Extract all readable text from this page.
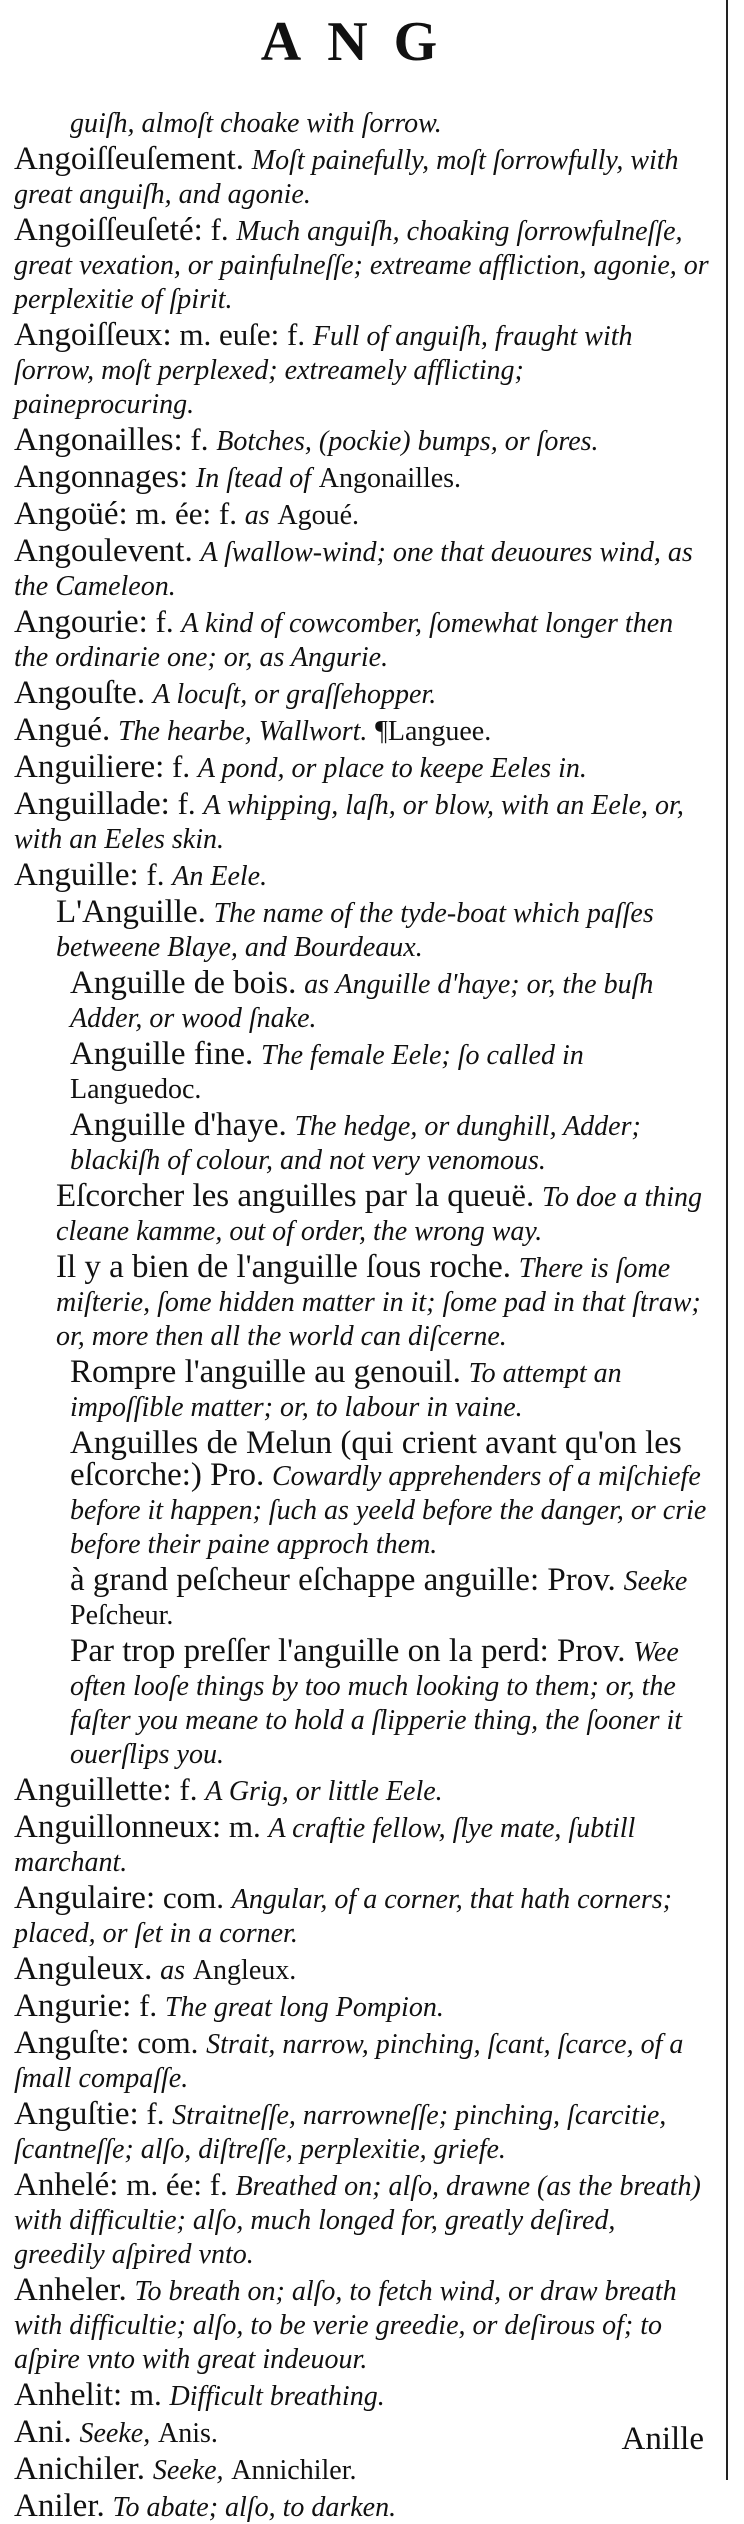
ANG
guiſh, almoſt choake with ſorrow.
Angoiſſeuſement. Moſt painefully, moſt ſorrowfully, with great anguiſh, and agonie.
Angoiſſeuſeté: f. Much anguiſh, choaking ſorrowfulneſſe, great vexation, or painfulneſſe; extreame affliction, agonie, or perplexitie of ſpirit.
Angoiſſeux: m. euſe: f. Full of anguiſh, fraught with ſorrow, moſt perplexed; extreamely afflicting; paineprocuring.
Angonailles: f. Botches, (pockie) bumps, or ſores.
Angonnages: In ſtead of Angonailles.
Angoüé: m. ée: f. as Agoué.
Angoulevent. A ſwallow-wind; one that deuoures wind, as the Cameleon.
Angourie: f. A kind of cowcomber, ſomewhat longer then the ordinarie one; or, as Angurie.
Angouſte. A locuſt, or graſſehopper.
Angué. The hearbe, Wallwort. ¶Languee.
Anguiliere: f. A pond, or place to keepe Eeles in.
Anguillade: f. A whipping, laſh, or blow, with an Eele, or, with an Eeles skin.
Anguille: f. An Eele.
L'Anguille. The name of the tyde-boat which paſſes betweene Blaye, and Bourdeaux.
Anguille de bois. as Anguille d'haye; or, the buſh Adder, or wood ſnake.
Anguille fine. The female Eele; ſo called in Languedoc.
Anguille d'haye. The hedge, or dunghill, Adder; blackiſh of colour, and not very venomous.
Eſcorcher les anguilles par la queuë. To doe a thing cleane kamme, out of order, the wrong way.
Il y a bien de l'anguille ſous roche. There is ſome miſterie, ſome hidden matter in it; ſome pad in that ſtraw; or, more then all the world can diſcerne.
Rompre l'anguille au genouil. To attempt an impoſſible matter; or, to labour in vaine.
Anguilles de Melun (qui crient avant qu'on les eſcorche:) Pro. Cowardly apprehenders of a miſchiefe before it happen; ſuch as yeeld before the danger, or crie before their paine approch them.
à grand peſcheur eſchappe anguille: Prov. Seeke Peſcheur.
Par trop preſſer l'anguille on la perd: Prov. Wee often looſe things by too much looking to them; or, the faſter you meane to hold a ſlipperie thing, the ſooner it ouerſlips you.
Anguillette: f. A Grig, or little Eele.
Anguillonneux: m. A craftie fellow, ſlye mate, ſubtill marchant.
Angulaire: com. Angular, of a corner, that hath corners; placed, or ſet in a corner.
Anguleux. as Angleux.
Angurie: f. The great long Pompion.
Anguſte: com. Strait, narrow, pinching, ſcant, ſcarce, of a ſmall compaſſe.
Anguſtie: f. Straitneſſe, narrowneſſe; pinching, ſcarcitie, ſcantneſſe; alſo, diſtreſſe, perplexitie, griefe.
Anhelé: m. ée: f. Breathed on; alſo, drawne (as the breath) with difficultie; alſo, much longed for, greatly deſired, greedily aſpired vnto.
Anheler. To breath on; alſo, to fetch wind, or draw breath with difficultie; alſo, to be verie greedie, or deſirous of; to aſpire vnto with great indeuour.
Anhelit: m. Difficult breathing.
Ani. Seeke, Anis.
Anichiler. Seeke, Annichiler.
Aniler. To abate; alſo, to darken.
Anille
